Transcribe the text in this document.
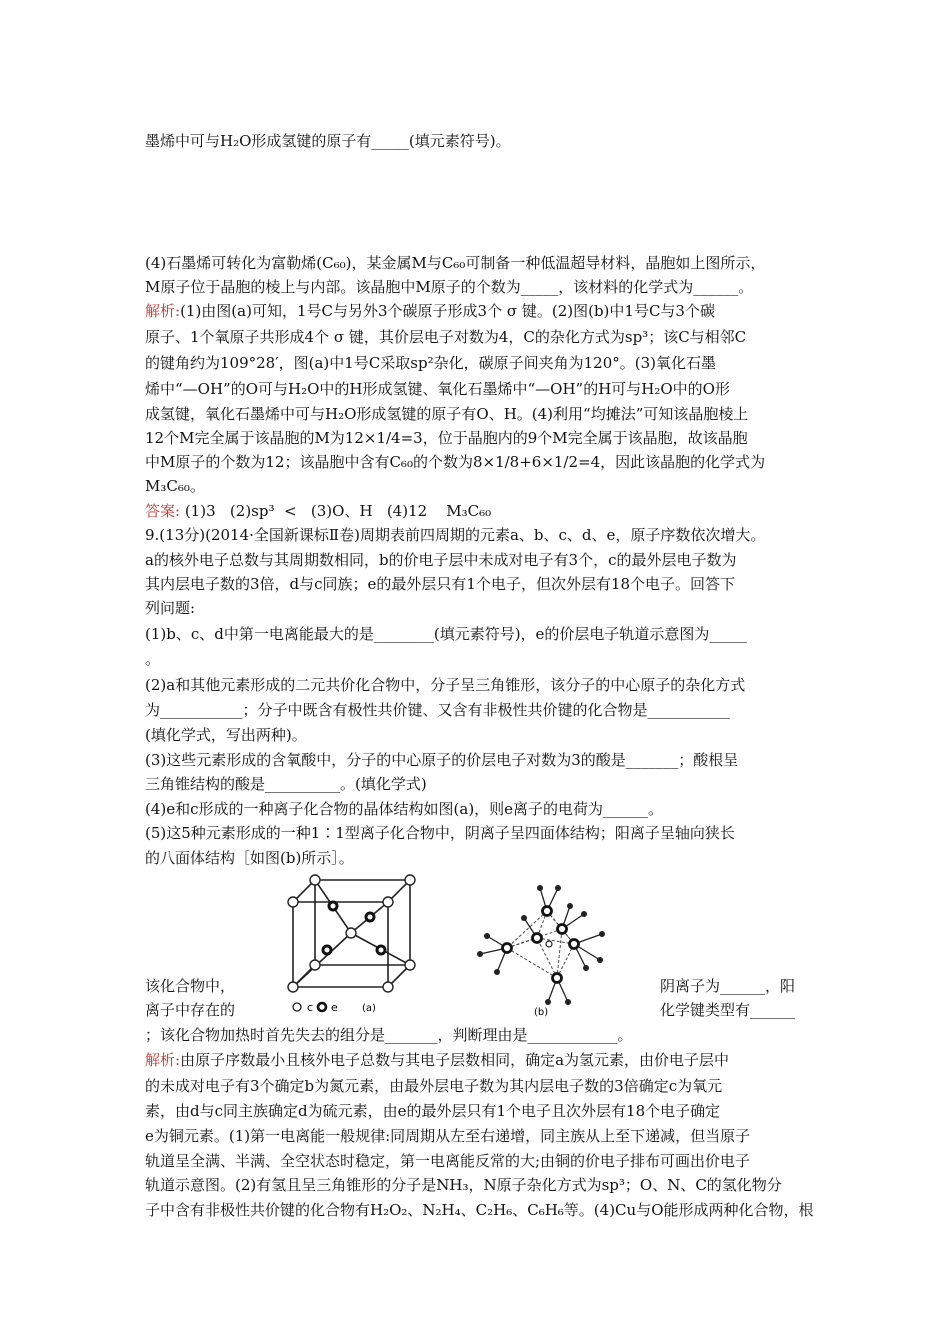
墨烯中可与H₂O形成氢键的原子有_____(填元素符号)。
(4)石墨烯可转化为富勒烯(C₆₀)，某金属M与C₆₀可制备一种低温超导材料，晶胞如上图所示，
M原子位于晶胞的棱上与内部。该晶胞中M原子的个数为_____，该材料的化学式为______。
解析:(1)由图(a)可知，1号C与另外3个碳原子形成3个 σ 键。(2)图(b)中1号C与3个碳
原子、1个氧原子共形成4个 σ 键，其价层电子对数为4，C的杂化方式为sp³；该C与相邻C
的键角约为109°28′，图(a)中1号C采取sp²杂化，碳原子间夹角为120°。(3)氧化石墨
烯中“—OH”的O可与H₂O中的H形成氢键、氧化石墨烯中“—OH”的H可与H₂O中的O形
成氢键，氧化石墨烯中可与H₂O形成氢键的原子有O、H。(4)利用“均摊法”可知该晶胞棱上
12个M完全属于该晶胞的M为12×1/4=3，位于晶胞内的9个M完全属于该晶胞，故该晶胞
中M原子的个数为12；该晶胞中含有C₆₀的个数为8×1/8+6×1/2=4，因此该晶胞的化学式为
M₃C₆₀。
答案: (1)3   (2)sp³  <   (3)O、H   (4)12    M₃C₆₀
9.(13分)(2014·全国新课标Ⅱ卷)周期表前四周期的元素a、b、c、d、e，原子序数依次增大。
a的核外电子总数与其周期数相同，b的价电子层中未成对电子有3个，c的最外层电子数为
其内层电子数的3倍，d与c同族；e的最外层只有1个电子，但次外层有18个电子。回答下
列问题:
(1)b、c、d中第一电离能最大的是________(填元素符号)，e的价层电子轨道示意图为_____
。
(2)a和其他元素形成的二元共价化合物中，分子呈三角锥形，该分子的中心原子的杂化方式
为___________；分子中既含有极性共价键、又含有非极性共价键的化合物是___________
(填化学式，写出两种)。
(3)这些元素形成的含氧酸中，分子的中心原子的价层电子对数为3的酸是_______；酸根呈
三角锥结构的酸是__________。(填化学式)
(4)e和c形成的一种离子化合物的晶体结构如图(a)，则e离子的电荷为______。
(5)这5种元素形成的一种1∶1型离子化合物中，阴离子呈四面体结构；阳离子呈轴向狭长
的八面体结构［如图(b)所示］。
该化合物中，	阴离子为______，阳
离子中存在的	化学键类型有______
；该化合物加热时首先失去的组分是_______，判断理由是____________。
解析:由原子序数最小且核外电子总数与其电子层数相同，确定a为氢元素，由价电子层中
的未成对电子有3个确定b为氮元素，由最外层电子数为其内层电子数的3倍确定c为氧元
素，由d与c同主族确定d为硫元素，由e的最外层只有1个电子且次外层有18个电子确定
e为铜元素。(1)第一电离能一般规律:同周期从左至右递增，同主族从上至下递减，但当原子
轨道呈全满、半满、全空状态时稳定，第一电离能反常的大;由铜的价电子排布可画出价电子
轨道示意图。(2)有氢且呈三角锥形的分子是NH₃，N原子杂化方式为sp³；O、N、C的氢化物分
子中含有非极性共价键的化合物有H₂O₂、N₂H₄、C₂H₆、C₆H₆等。(4)Cu与O能形成两种化合物，根
c e (a)	(b)
